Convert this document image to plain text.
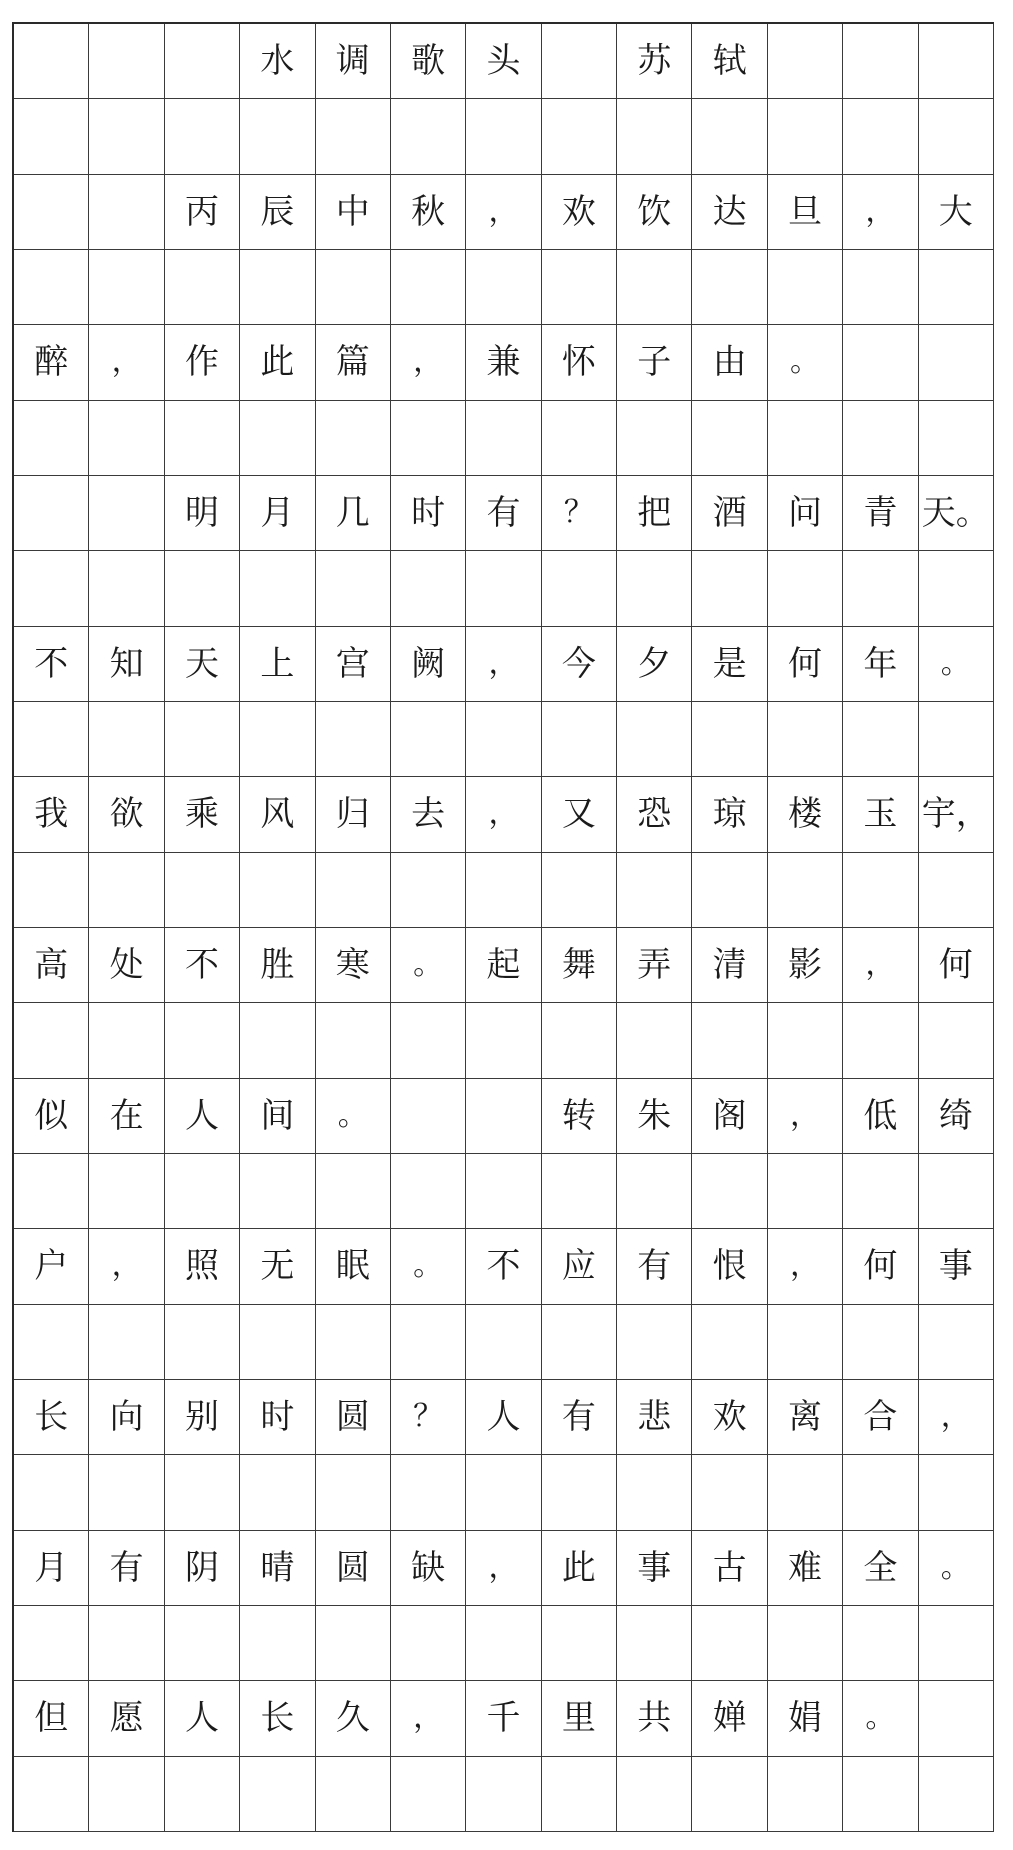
水	调	歌	头	苏	轼
丙	辰	中	秋	，	欢	饮	达	旦	，	大
醉	，	作	此	篇	，	兼	怀	子	由	。
明	月	几	时	有	？	把	酒	问	青 天。
不	知	天	上	宫	阙	，	今	夕	是	何	年	。
我	欲	乘	风	归	去	，	又	恐	琼	楼	玉 宇，
高	处	不	胜	寒	。	起	舞	弄	清	影	，	何
似	在	人	间	。	转	朱	阁	，	低	绮
户	，	照	无	眠	。	不	应	有	恨	，	何	事
长	向	别	时	圆	？	人	有	悲	欢	离	合	，
月	有	阴	晴	圆	缺	，	此	事	古	难	全	。
但	愿	人	长	久	，	千	里	共	婵	娟	。
